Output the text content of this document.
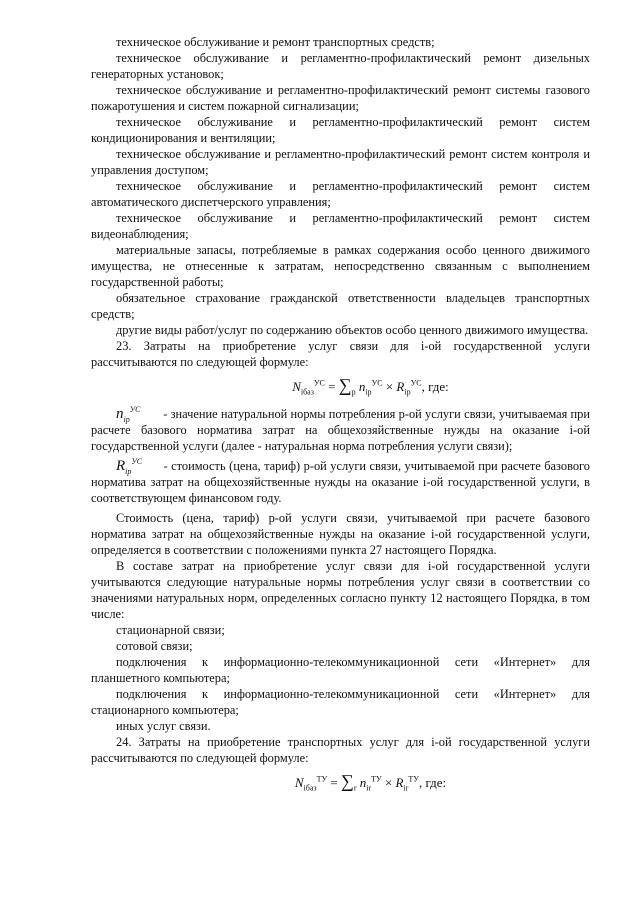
техническое обслуживание и ремонт транспортных средств;

техническое обслуживание и регламентно-профилактический ремонт дизельных генераторных установок;

техническое обслуживание и регламентно-профилактический ремонт системы газового пожаротушения и систем пожарной сигнализации;

техническое обслуживание и регламентно-профилактический ремонт систем кондиционирования и вентиляции;

техническое обслуживание и регламентно-профилактический ремонт систем контроля и управления доступом;

техническое обслуживание и регламентно-профилактический ремонт систем автоматического диспетчерского управления;

техническое обслуживание и регламентно-профилактический ремонт систем видеонаблюдения;

материальные запасы, потребляемые в рамках содержания особо ценного движимого имущества, не отнесенные к затратам, непосредственно связанным с выполнением государственной работы;

обязательное страхование гражданской ответственности владельцев транспортных средств;

другие виды работ/услуг по содержанию объектов особо ценного движимого имущества.

23. Затраты на приобретение услуг связи для i-ой государственной услуги рассчитываются по следующей формуле:

$N_{iбаз}^{УС} = \sum_p$ $n_{ip}^{УС} \times R_{ip}^{УС}$, где:

$n_{ip}^{УС}$ - значение натуральной нормы потребления р-ой услуги связи, учитываемая при расчете базового норматива затрат на общехозяйственные нужды на оказание i-ой государственной услуги (далее - натуральная норма потребления услуги связи);

$R_{ip}^{УС}$ - стоимость (цена, тариф) р-ой услуги связи, учитываемой при расчете базового норматива затрат на общехозяйственные нужды на оказание i-ой государственной услуги, в соответствующем финансовом году.

Стоимость (цена, тариф) р-ой услуги связи, учитываемой при расчете базового норматива затрат на общехозяйственные нужды на оказание i-ой государственной услуги, определяется в соответствии с положениями пункта 27 настоящего Порядка.

В составе затрат на приобретение услуг связи для i-ой государственной услуги учитываются следующие натуральные нормы потребления услуг связи в соответствии со значениями натуральных норм, определенных согласно пункту 12 настоящего Порядка, в том числе:

стационарной связи;

сотовой связи;

подключения к информационно-телекоммуникационной сети «Интернет» для планшетного компьютера;

подключения к информационно-телекоммуникационной сети «Интернет» для стационарного компьютера;

иных услуг связи.

24. Затраты на приобретение транспортных услуг для i-ой государственной услуги рассчитываются по следующей формуле:

$N_{iбаз}^{ТУ} = \sum_r$ $n_{ir}^{ТУ} \times R_{ir}^{ТУ}$, где:
